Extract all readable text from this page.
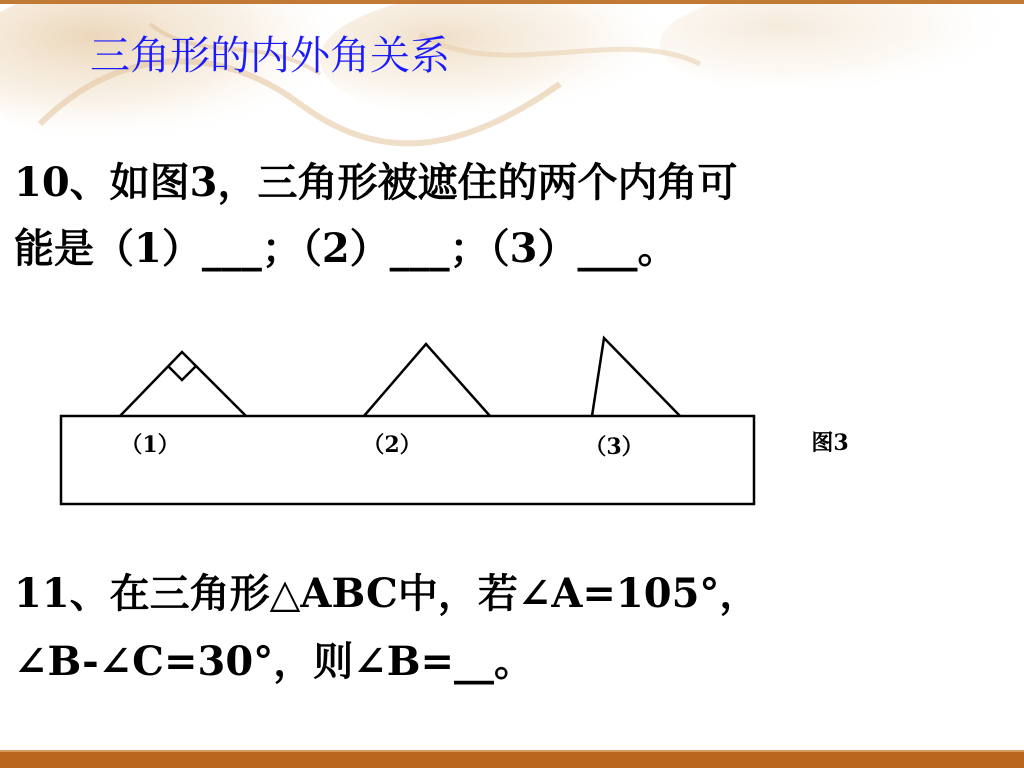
三角形的内外角关系
10、如图3，三角形被遮住的两个内角可
能是（1）___；（2）___；（3）___。
（1）	（2）	（3）	图3
11、在三角形△ABC中，若∠A=105°，
∠B-∠C=30°，则∠B=__。
